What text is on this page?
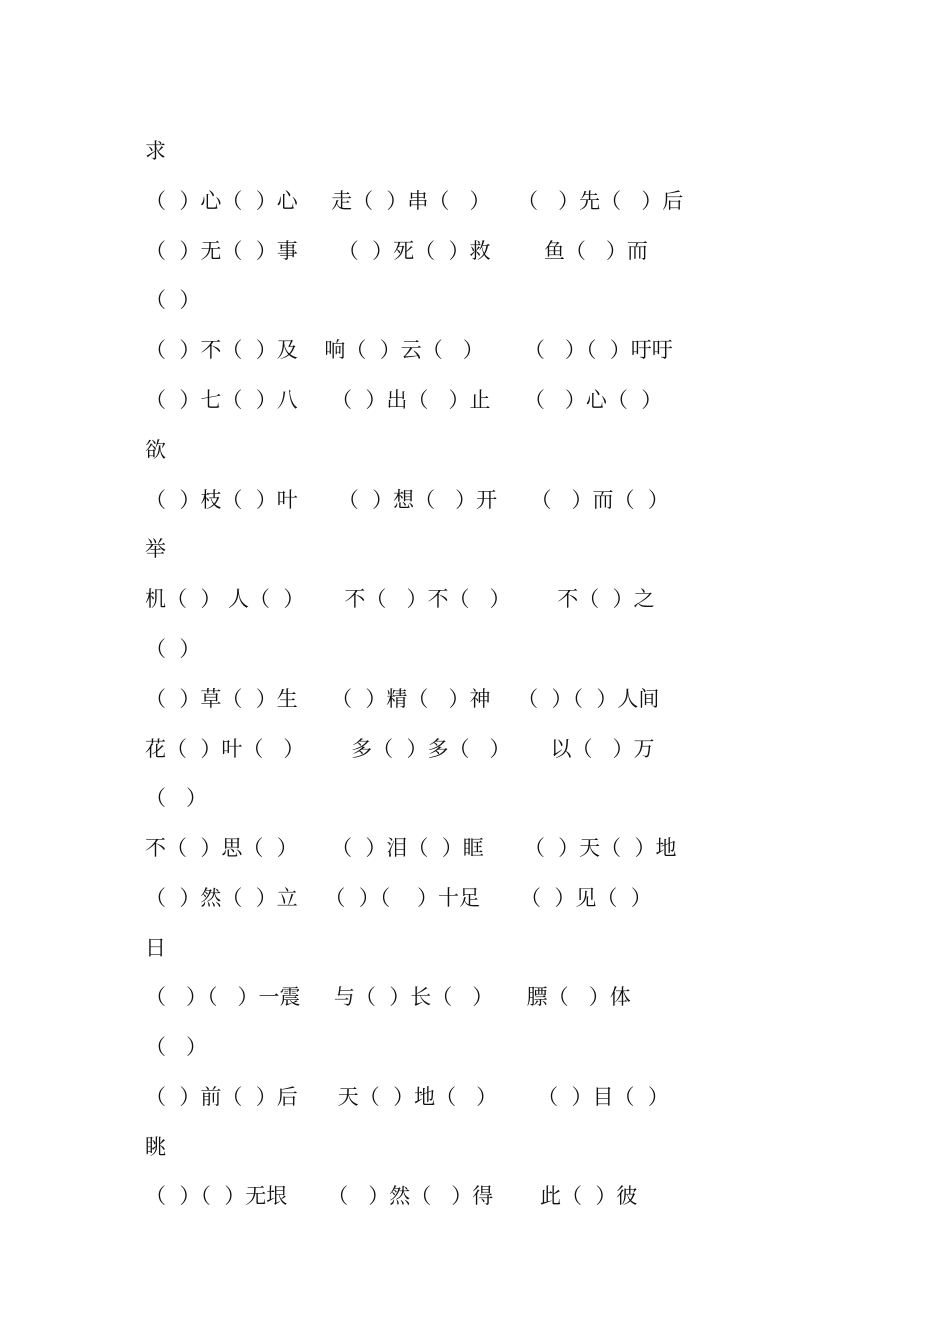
求

（  ）心（  ）心     走（  ）串（   ）    （   ）先（   ）后

（  ）无（  ）事      （  ）死（  ）救        鱼（   ）而

（  ）

（  ）不（  ）及    响（  ）云（   ）      （   ）（  ）吁吁

（  ）七（  ）八     （  ）出（   ）止     （   ）心（  ）

欲

（  ）枝（  ）叶      （  ）想（   ）开     （   ）而（  ）

举

机（  ） 人（  ）      不（   ）不（   ）       不（  ）之

（  ）

（  ）草（  ）生     （  ）精（   ）神    （  ）（  ）人间

花（  ）叶（   ）       多（  ）多（   ）      以（   ）万

（   ）

不（  ）思（  ）     （  ）泪（  ）眶      （  ）天（  ）地

（  ）然（  ）立    （  ）（    ）十足      （  ）见（  ）

日

（   ）（   ）一震     与（  ）长（   ）     膘（   ）体

（   ）

（  ）前（  ）后      天（  ）地（   ）      （  ）目（  ）

眺

（  ）（  ）无垠      （   ）然（   ）得       此（  ）彼
